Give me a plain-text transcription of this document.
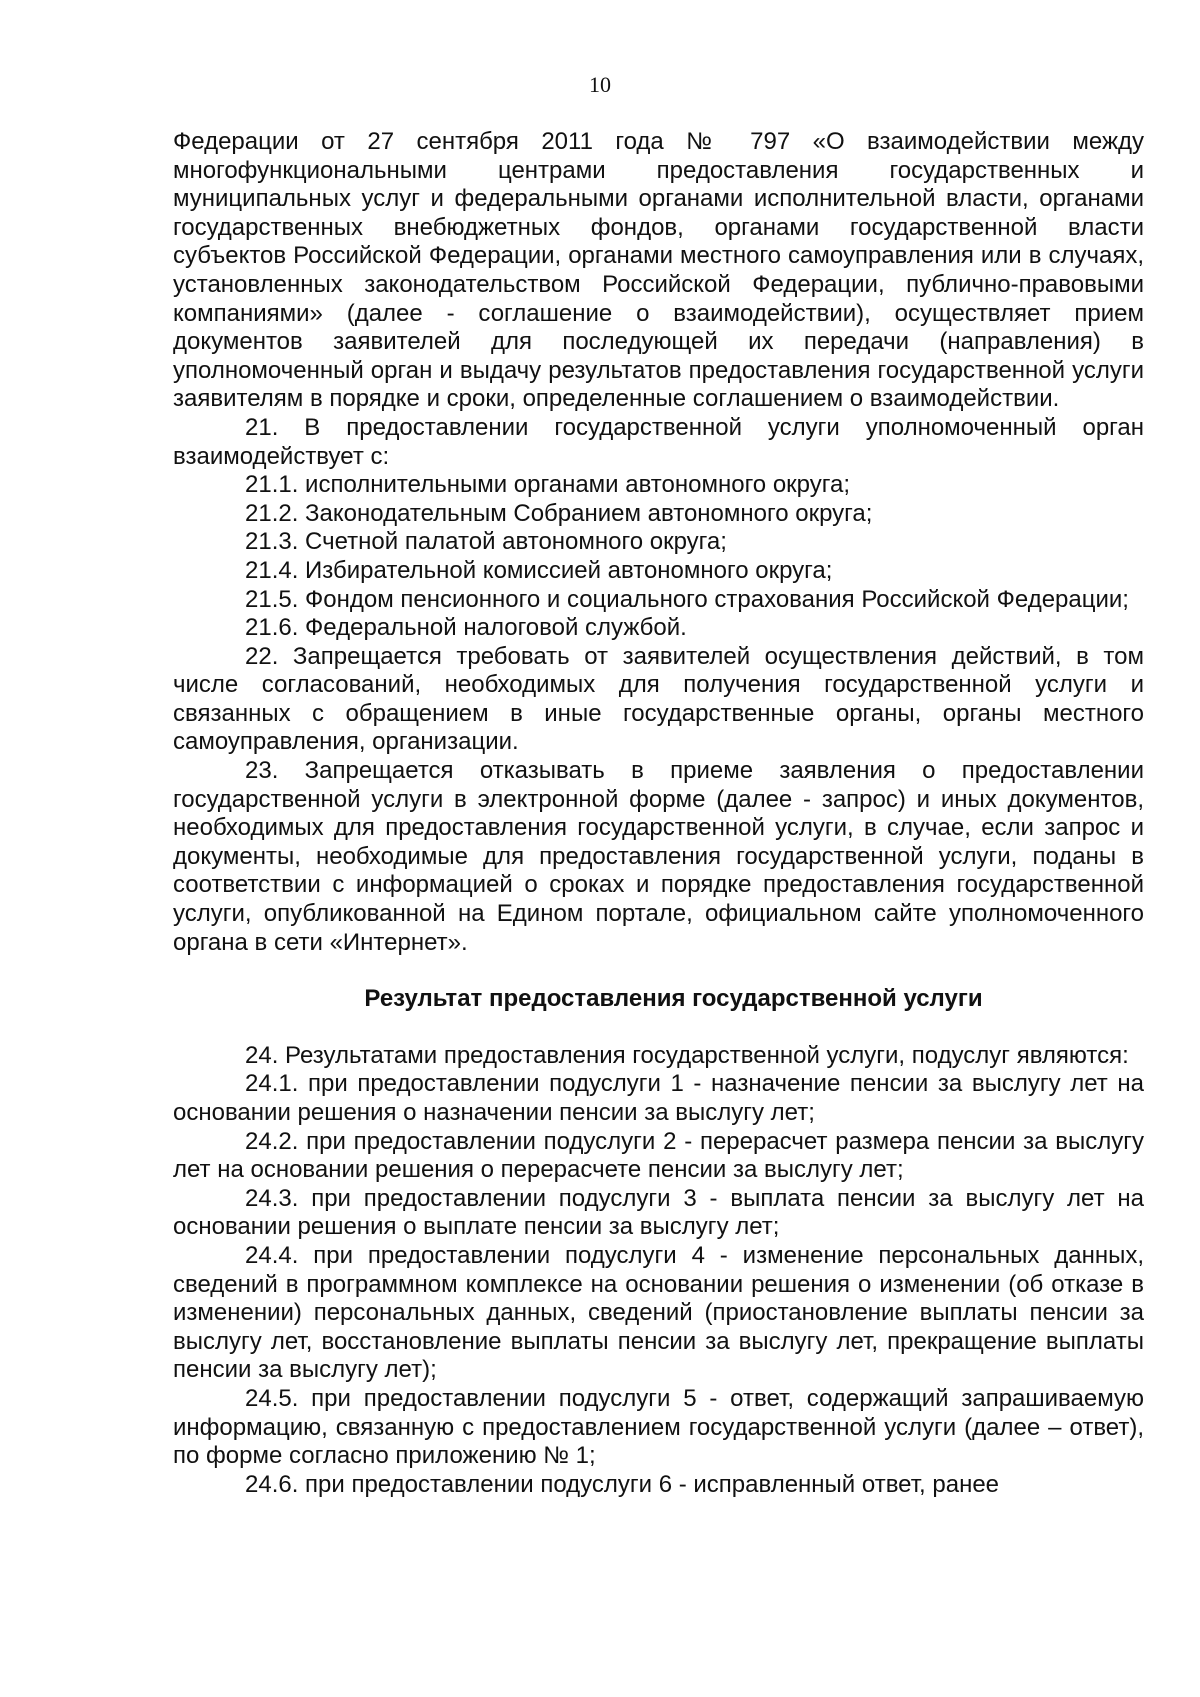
10

Федерации от 27 сентября 2011 года № 797 «О взаимодействии между многофункциональными центрами предоставления государственных и муниципальных услуг и федеральными органами исполнительной власти, органами государственных внебюджетных фондов, органами государственной власти субъектов Российской Федерации, органами местного самоуправления или в случаях, установленных законодательством Российской Федерации, публично-правовыми компаниями» (далее - соглашение о взаимодействии), осуществляет прием документов заявителей для последующей их передачи (направления) в уполномоченный орган и выдачу результатов предоставления государственной услуги заявителям в порядке и сроки, определенные соглашением о взаимодействии.

21. В предоставлении государственной услуги уполномоченный орган взаимодействует с:

21.1. исполнительными органами автономного округа;

21.2. Законодательным Собранием автономного округа;

21.3. Счетной палатой автономного округа;

21.4. Избирательной комиссией автономного округа;

21.5. Фондом пенсионного и социального страхования Российской Федерации;

21.6. Федеральной налоговой службой.

22. Запрещается требовать от заявителей осуществления действий, в том числе согласований, необходимых для получения государственной услуги и связанных с обращением в иные государственные органы, органы местного самоуправления, организации.

23. Запрещается отказывать в приеме заявления о предоставлении государственной услуги в электронной форме (далее - запрос) и иных документов, необходимых для предоставления государственной услуги, в случае, если запрос и документы, необходимые для предоставления государственной услуги, поданы в соответствии с информацией о сроках и порядке предоставления государственной услуги, опубликованной на Едином портале, официальном сайте уполномоченного органа в сети «Интернет».

Результат предоставления государственной услуги

24. Результатами предоставления государственной услуги, подуслуг являются:

24.1. при предоставлении подуслуги 1 - назначение пенсии за выслугу лет на основании решения о назначении пенсии за выслугу лет;

24.2. при предоставлении подуслуги 2 - перерасчет размера пенсии за выслугу лет на основании решения о перерасчете пенсии за выслугу лет;

24.3. при предоставлении подуслуги 3 - выплата пенсии за выслугу лет на основании решения о выплате пенсии за выслугу лет;

24.4. при предоставлении подуслуги 4 - изменение персональных данных, сведений в программном комплексе на основании решения о изменении (об отказе в изменении) персональных данных, сведений (приостановление выплаты пенсии за выслугу лет, восстановление выплаты пенсии за выслугу лет, прекращение выплаты пенсии за выслугу лет);

24.5. при предоставлении подуслуги 5 - ответ, содержащий запрашиваемую информацию, связанную с предоставлением государственной услуги (далее – ответ), по форме согласно приложению № 1;

24.6. при предоставлении подуслуги 6 - исправленный ответ, ранее
